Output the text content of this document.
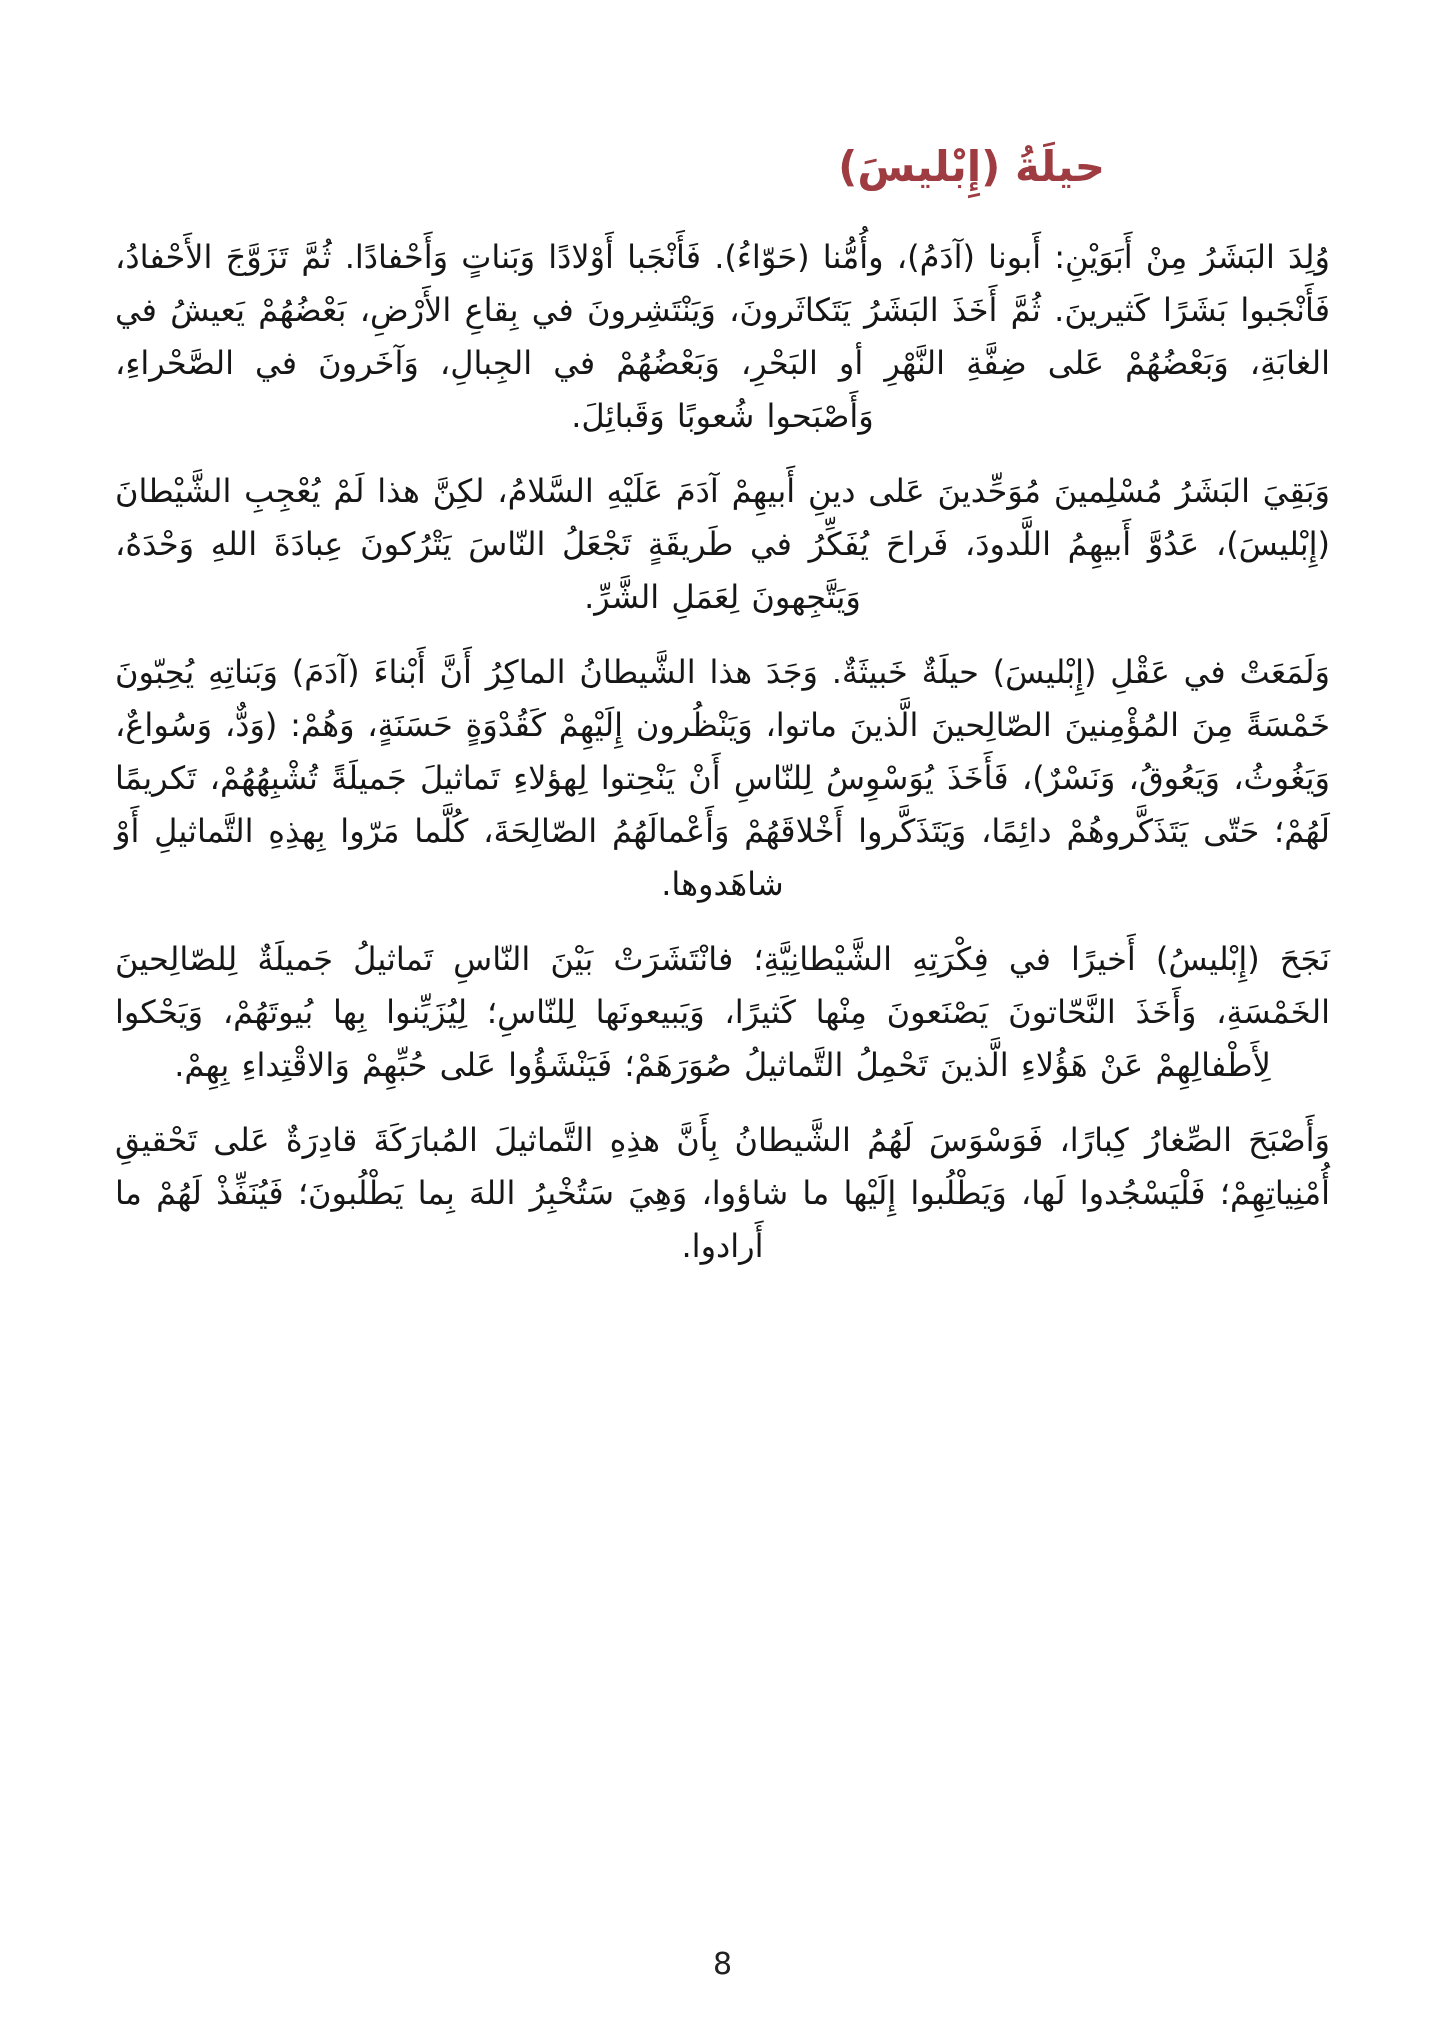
حيلَةُ (إِبْليسَ)

وُلِدَ البَشَرُ مِنْ أَبَوَيْنِ: أَبونا (آدَمُ)، وأُمُّنا (حَوّاءُ). فَأَنْجَبا أَوْلادًا وَبَناتٍ وَأَحْفادًا. ثُمَّ تَزَوَّجَ الأَحْفادُ، فَأَنْجَبوا بَشَرًا كَثيرينَ. ثُمَّ أَخَذَ البَشَرُ يَتَكاثَرونَ، وَيَنْتَشِرونَ في بِقاعِ الأَرْضِ، بَعْضُهُمْ يَعيشُ في الغابَةِ، وَبَعْضُهُمْ عَلى ضِفَّةِ النَّهْرِ أو البَحْرِ، وَبَعْضُهُمْ في الجِبالِ، وَآخَرونَ في الصَّحْراءِ، وَأَصْبَحوا شُعوبًا وَقَبائِلَ.

وَبَقِيَ البَشَرُ مُسْلِمينَ مُوَحِّدينَ عَلى دينِ أَبيهِمْ آدَمَ عَلَيْهِ السَّلامُ، لكِنَّ هذا لَمْ يُعْجِبِ الشَّيْطانَ (إِبْليسَ)، عَدُوَّ أَبيهِمُ اللَّدودَ، فَراحَ يُفَكِّرُ في طَريقَةٍ تَجْعَلُ النّاسَ يَتْرُكونَ عِبادَةَ اللهِ وَحْدَهُ، وَيَتَّجِهونَ لِعَمَلِ الشَّرِّ.

وَلَمَعَتْ في عَقْلِ (إِبْليسَ) حيلَةٌ خَبيثَةٌ. وَجَدَ هذا الشَّيطانُ الماكِرُ أَنَّ أَبْناءَ (آدَمَ) وَبَناتِهِ يُحِبّونَ خَمْسَةً مِنَ المُؤْمِنينَ الصّالِحينَ الَّذينَ ماتوا، وَيَنْظُرون إِلَيْهِمْ كَقُدْوَةٍ حَسَنَةٍ، وَهُمْ: (وَدٌّ، وَسُواعٌ، وَيَغُوثُ، وَيَعُوقُ، وَنَسْرٌ)، فَأَخَذَ يُوَسْوِسُ لِلنّاسِ أَنْ يَنْحِتوا لِهؤلاءِ تَماثيلَ جَميلَةً تُشْبِهُهُمْ، تَكريمًا لَهُمْ؛ حَتّى يَتَذَكَّروهُمْ دائِمًا، وَيَتَذَكَّروا أَخْلاقَهُمْ وَأَعْمالَهُمُ الصّالِحَةَ، كُلَّما مَرّوا بِهذِهِ التَّماثيلِ أَوْ شاهَدوها.

نَجَحَ (إِبْليسُ) أَخيرًا في فِكْرَتِهِ الشَّيْطانِيَّةِ؛ فانْتَشَرَتْ بَيْنَ النّاسِ تَماثيلُ جَميلَةٌ لِلصّالِحينَ الخَمْسَةِ، وَأَخَذَ النَّحّاتونَ يَصْنَعونَ مِنْها كَثيرًا، وَيَبيعونَها لِلنّاسِ؛ لِيُزَيِّنوا بِها بُيوتَهُمْ، وَيَحْكوا لِأَطْفالِهِمْ عَنْ هَؤُلاءِ الَّذينَ تَحْمِلُ التَّماثيلُ صُوَرَهَمْ؛ فَيَنْشَؤُوا عَلى حُبِّهِمْ وَالاقْتِداءِ بِهِمْ.

وَأَصْبَحَ الصِّغارُ كِبارًا، فَوَسْوَسَ لَهُمُ الشَّيطانُ بِأَنَّ هذِهِ التَّماثيلَ المُبارَكَةَ قادِرَةٌ عَلى تَحْقيقِ أُمْنِياتِهِمْ؛ فَلْيَسْجُدوا لَها، وَيَطْلُبوا إِلَيْها ما شاؤوا، وَهِيَ سَتُخْبِرُ اللهَ بِما يَطْلُبونَ؛ فَيُنَفِّذْ لَهُمْ ما أَرادوا.

8
